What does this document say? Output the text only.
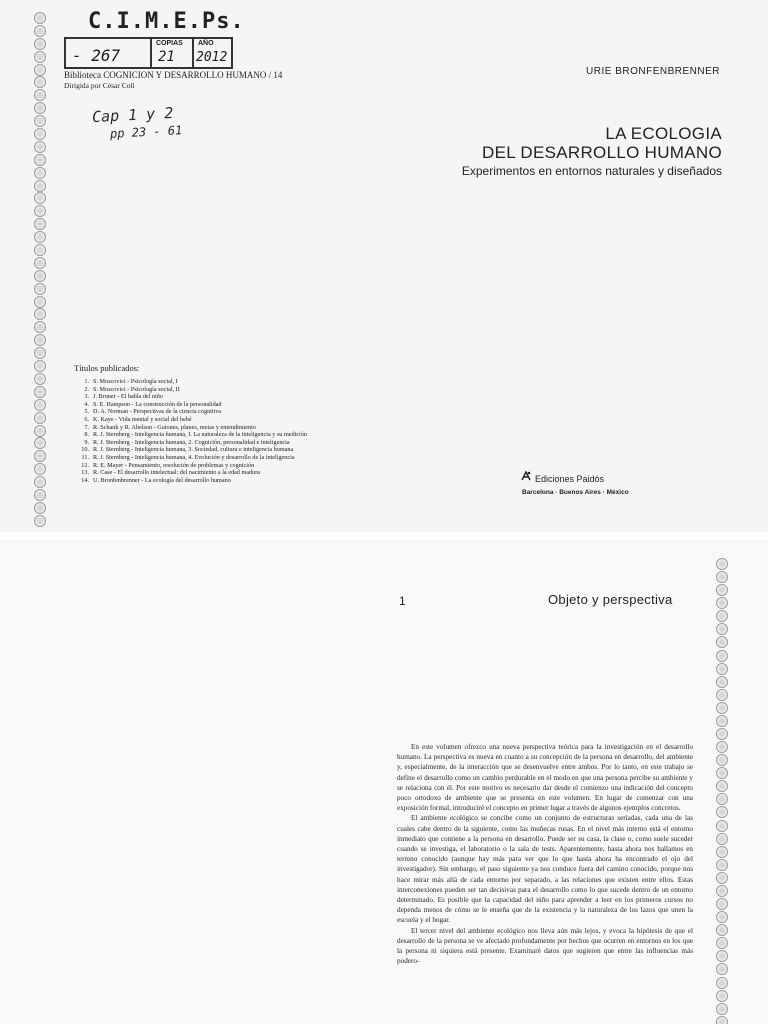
C.I.M.E.Ps.
- 267
COPIAS
21
AÑO
2012
Biblioteca COGNICION Y DESARROLLO HUMANO / 14
Dirigida por César Coll
Cap 1 y 2
pp 23 - 61
URIE BRONFENBRENNER
LA ECOLOGIA
DEL DESARROLLO HUMANO
Experimentos en entornos naturales y diseñados
Títulos publicados:
1. S. Moscovici - Psicología social, I
2. S. Moscovici - Psicología social, II
3. J. Bruner - El habla del niño
4. S. E. Hampson - La construcción de la personalidad
5. D. A. Norman - Perspectivas de la ciencia cognitiva
6. K. Kaye - Vida mental y social del bebé
7. R. Schank y R. Abelson - Guiones, planes, metas y entendimiento
8. R. J. Sternberg - Inteligencia humana, I. La naturaleza de la inteligencia y su medición
9. R. J. Sternberg - Inteligencia humana, 2. Cognición, personalidad e inteligencia
10. R. J. Sternberg - Inteligencia humana, 3. Sociedad, cultura e inteligencia humana
11. R. J. Sternberg - Inteligencia humana, 4. Evolución y desarrollo de la inteligencia
12. R. E. Mayer - Pensamiento, resolución de problemas y cognición
13. R. Case - El desarrollo intelectual: del nacimiento a la edad madura
14. U. Bronfenbrenner - La ecología del desarrollo humano	Ediciones Paidós
Barcelona · Buenos Aires · México
1	Objeto y perspectiva

En este volumen ofrezco una nueva perspectiva teórica para la investigación en el desarrollo humano. La perspectiva es nueva en cuanto a su concepción de la persona en desarrollo, del ambiente y, especialmente, de la interacción que se desenvuelve entre ambos. Por lo tanto, en este trabajo se define el desarrollo como un cambio perdurable en el modo en que una persona percibe su ambiente y se relaciona con él. Por este motivo es necesario dar desde el comienzo una indicación del concepto poco ortodoxo de ambiente que se presenta en este volumen. En lugar de comenzar con una exposición formal, introduciré el concepto en primer lugar a través de algunos ejemplos concretos.

El ambiente ecológico se concibe como un conjunto de estructuras seriadas, cada una de las cuales cabe dentro de la siguiente, como las muñecas rusas. En el nivel más interno está el entorno inmediato que contiene a la persona en desarrollo. Puede ser su casa, la clase o, como suele suceder cuando se investiga, el laboratorio o la sala de tests. Aparentemente, hasta ahora nos hallamos en terreno conocido (aunque hay más para ver que lo que hasta ahora ha encontrado el ojo del investigador). Sin embargo, el paso siguiente ya nos conduce fuera del camino conocido, porque nos hace mirar más allá de cada entorno por separado, a las relaciones que existen entre ellos. Estas interconexiones pueden ser tan decisivas para el desarrollo como lo que sucede dentro de un entorno determinado. Es posible que la capacidad del niño para aprender a leer en los primeros cursos no dependa menos de cómo se le enseña que de la existencia y la naturaleza de los lazos que unen la escuela y el hogar.

El tercer nivel del ambiente ecológico nos lleva aún más lejos, y evoca la hipótesis de que el desarrollo de la persona se ve afectado profundamente por hechos que ocurren en entornos en los que la persona ni siquiera está presente. Examinaré datos que sugieren que entre las influencias más podero-
